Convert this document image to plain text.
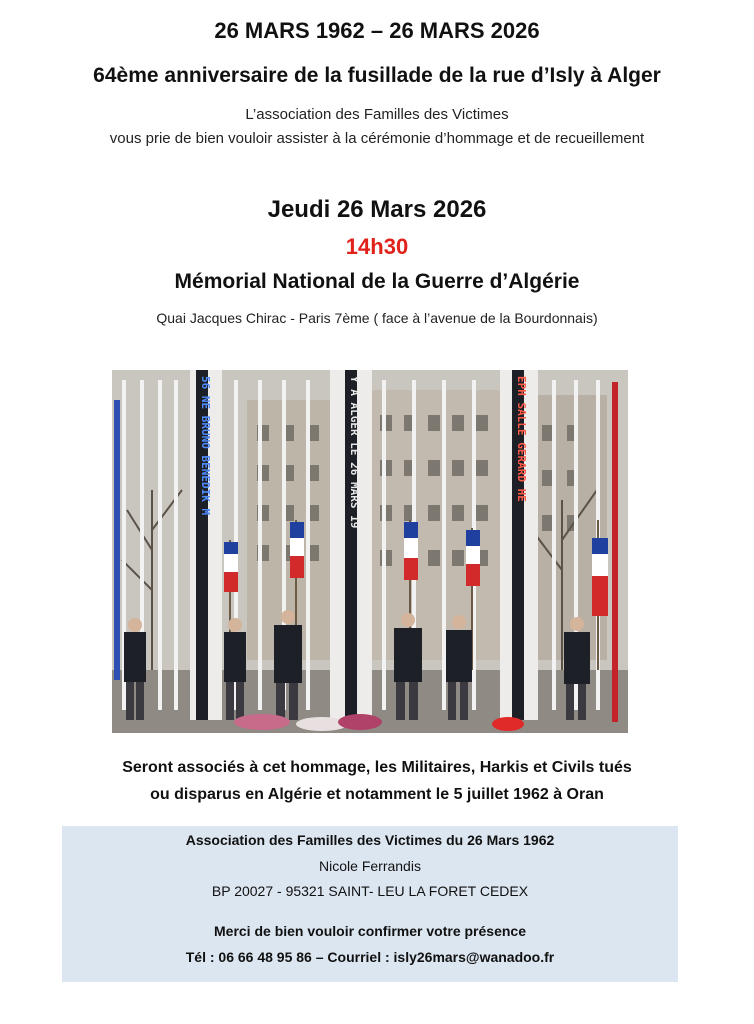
26 MARS 1962 – 26 MARS 2026
64ème anniversaire de la fusillade de la rue d’Isly à Alger
L’association des Familles des Victimes
vous prie de bien vouloir assister à la cérémonie d’hommage et de recueillement
Jeudi 26 Mars 2026
14h30
Mémorial National de la Guerre d’Algérie
Quai Jacques Chirac - Paris 7ème ( face à l’avenue de la Bourdonnais)
56 NE BRUNO BENEDIK M	Y A ALGER LE 26 MARS 19	EPH SALLE GERARD HE
Seront associés à cet hommage, les Militaires, Harkis et Civils tués
ou disparus en Algérie et notamment le 5 juillet 1962 à Oran
Association des Familles des Victimes du 26 Mars 1962
Nicole Ferrandis
BP 20027 - 95321 SAINT- LEU LA FORET CEDEX
Merci de bien vouloir confirmer votre présence
Tél : 06 66 48 95 86 – Courriel : isly26mars@wanadoo.fr
